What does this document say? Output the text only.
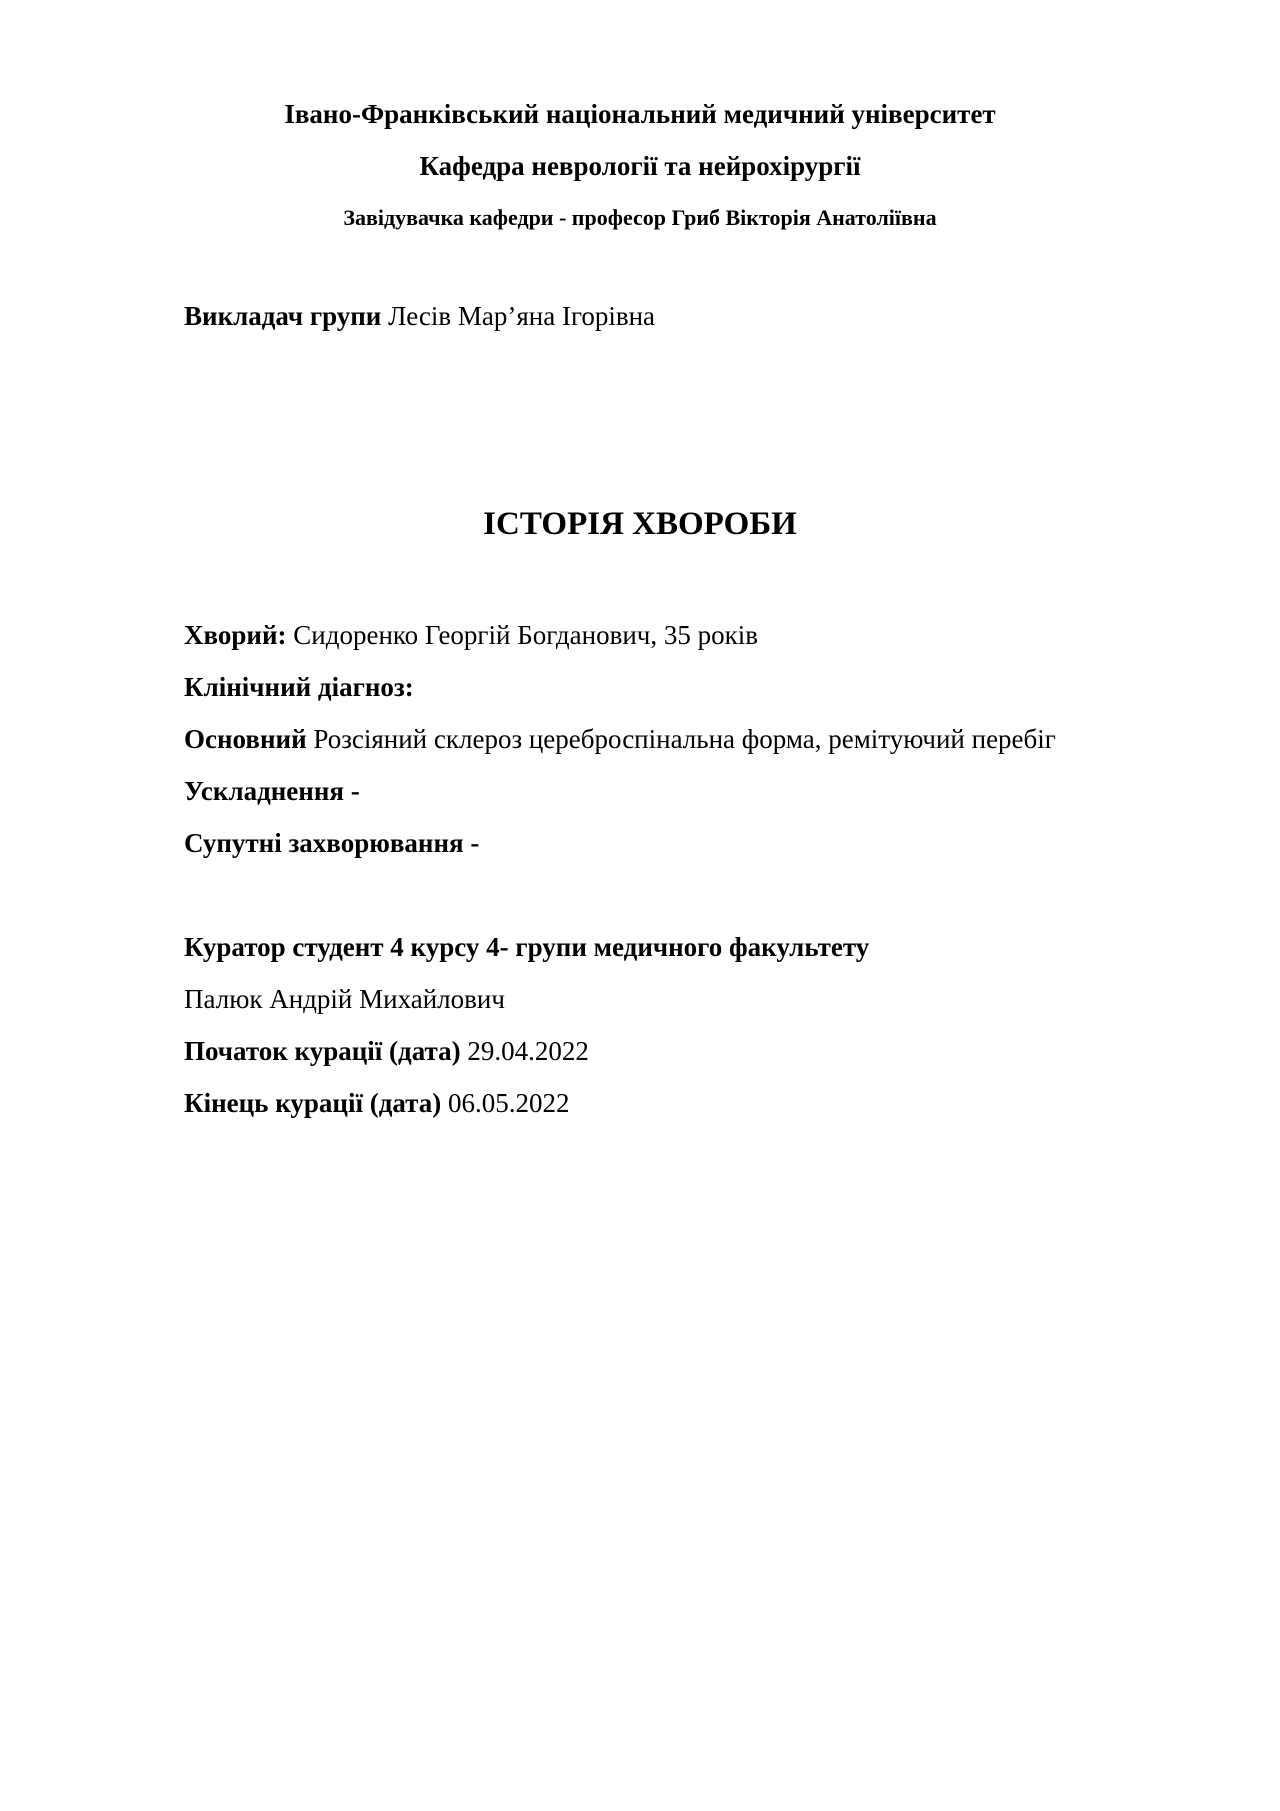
Івано-Франківський національний медичний університет
Кафедра неврології та нейрохірургії
Завідувачка кафедри - професор Гриб Вікторія Анатоліївна
Викладач групи Лесів Мар’яна Ігорівна
ІСТОРІЯ ХВОРОБИ
Хворий: Сидоренко Георгій Богданович, 35 років
Клінічний діагноз:
Основний Розсіяний склероз цереброспінальна форма, ремітуючий перебіг
Ускладнення -
Супутні захворювання -
Куратор студент 4 курсу 4- групи медичного факультету
Палюк Андрій Михайлович
Початок курації (дата) 29.04.2022
Кінець курації (дата) 06.05.2022
